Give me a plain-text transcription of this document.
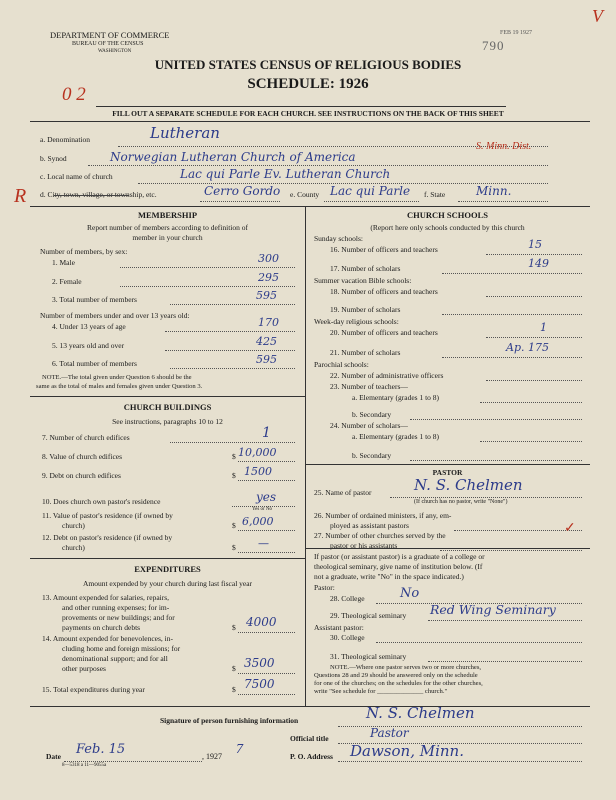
DEPARTMENT OF COMMERCE
BUREAU OF THE CENSUS
WASHINGTON
FEB 19 1927
790
V
UNITED STATES CENSUS OF RELIGIOUS BODIES
SCHEDULE: 1926
0 2
FILL OUT A SEPARATE SCHEDULE FOR EACH CHURCH. SEE INSTRUCTIONS ON THE BACK OF THIS SHEET
R
a. Denomination	Lutheran
b. Synod	Norwegian Lutheran Church of America
S. Minn. Dist.
c. Local name of church	Lac qui Parle Ev. Lutheran Church
d. City, town, village, or township, etc.	Cerro Gordo e. County Lac qui Parle f. State	Minn.
MEMBERSHIP
Report number of members according to definition of
member in your church
Number of members, by sex:
1. Male	300
2. Female	295
3. Total number of members	595
Number of members under and over 13 years old:
4. Under 13 years of age	170
5. 13 years old and over	425
6. Total number of members	595
NOTE.—The total given under Question 6 should be the
same as the total of males and females given under Question 3.
CHURCH BUILDINGS
See instructions, paragraphs 10 to 12
7. Number of church edifices	1
8. Value of church edifices	$ 10,000
9. Debt on church edifices	$ 1500
10. Does church own pastor's residence	yes
Yes or No
11. Value of pastor's residence (if owned by
church)	$ 6,000
12. Debt on pastor's residence (if owned by
church)	$ —
EXPENDITURES
Amount expended by your church during last fiscal year
13. Amount expended for salaries, repairs,
and other running expenses; for im-
provements or new buildings; and for
payments on church debts	$ 4000
14. Amount expended for benevolences, in-
cluding home and foreign missions; for
denominational support; and for all
other purposes	$ 3500
15. Total expenditures during year	$ 7500
CHURCH SCHOOLS
(Report here only schools conducted by this church
Sunday schools:
16. Number of officers and teachers	15
17. Number of scholars	149
Summer vacation Bible schools:
18. Number of officers and teachers
19. Number of scholars
Week-day religious schools:
20. Number of officers and teachers	1
21. Number of scholars	Ap. 175
Parochial schools:
22. Number of administrative officers
23. Number of teachers—
a. Elementary (grades 1 to 8)
b. Secondary
24. Number of scholars—
a. Elementary (grades 1 to 8)
b. Secondary
PASTOR
25. Name of pastor	N. S. Chelmen
(If church has no pastor, write "None")
26. Number of ordained ministers, if any, em-
ployed as assistant pastors
27. Number of other churches served by the
pastor or his assistants
✓
If pastor (or assistant pastor) is a graduate of a college or
theological seminary, give name of institution below. (If
not a graduate, write "No" in the space indicated.)
Pastor:
28. College	No
29. Theological seminary Red Wing Seminary
Assistant pastor:
30. College
31. Theological seminary
NOTE.—Where one pastor serves two or more churches,
Questions 28 and 29 should be answered only on the schedule
for one of the churches; on the schedules for the other churches,
write "See schedule for ______________ church."
Signature of person furnishing information	N. S. Chelmen
Official title	Pastor
Date Feb. 15	, 1927 7	P. O. Address Dawson, Minn.
8—5318 a 11—9055a
